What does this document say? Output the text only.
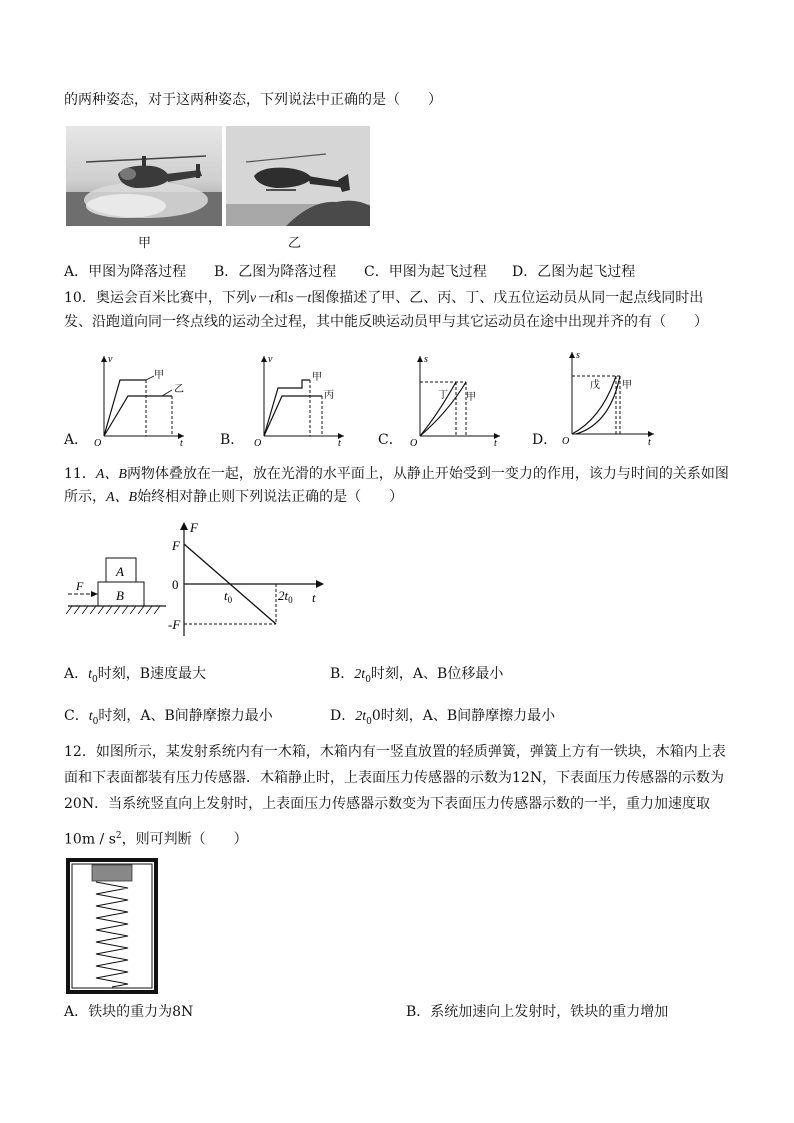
的两种姿态，对于这两种姿态，下列说法中正确的是（　　）
甲	乙
A．甲图为降落过程 B．乙图为降落过程 C．甲图为起飞过程 D．乙图为起飞过程
10．奥运会百米比赛中，下列v－t和s－t图像描述了甲、乙、丙、丁、戊五位运动员从同一起点线同时出
发、沿跑道向同一终点线的运动全过程，其中能反映运动员甲与其它运动员在途中出现并齐的有（　　）
A．
v
t
O
甲
乙
B．
v
t
O
甲
丙
C．
s
t
O
丁 甲
D．
s
t
O
戊 甲
11．A、B两物体叠放在一起，放在光滑的水平面上，从静止开始受到一变力的作用，该力与时间的关系如图
所示，A、B始终相对静止则下列说法正确的是（　　）
A
B
F
F
t
F
0
-F
$t_0$	$2t_0$
A．$t_0$时刻，B速度最大	B．$2t_0$时刻，A、B位移最小
C．$t_0$时刻，A、B间静摩擦力最小	D．$2t_00$时刻，A、B间静摩擦力最小
12．如图所示，某发射系统内有一木箱，木箱内有一竖直放置的轻质弹簧，弹簧上方有一铁块，木箱内上表
面和下表面都装有压力传感器．木箱静止时，上表面压力传感器的示数为12N，下表面压力传感器的示数为
20N．当系统竖直向上发射时，上表面压力传感器示数变为下表面压力传感器示数的一半，重力加速度取
$10m / s^2$，则可判断（　　）
A．铁块的重力为8N	B．系统加速向上发射时，铁块的重力增加
